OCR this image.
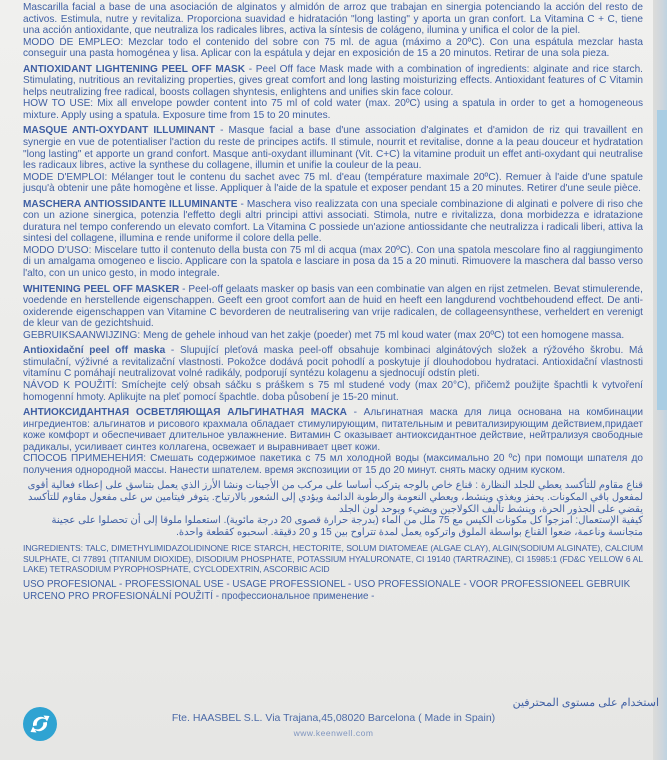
Mascarilla facial a base de una asociación de alginatos y almidón de arroz que trabajan en sinergia potenciando la acción del resto de activos. Estimula, nutre y revitaliza. Proporciona suavidad e hidratación "long lasting" y aporta un gran confort. La Vitamina C + C, tiene una acción antioxidante, que neutraliza los radicales libres, activa la síntesis de colágeno, ilumina y unifica el color de la piel.

MODO DE EMPLEO: Mezclar todo el contenido del sobre con 75 ml. de agua (máximo a 20ºC). Con una espátula mezclar hasta conseguir una pasta homogénea y lisa. Aplicar con la espátula y dejar en exposición de 15 a 20 minutos. Retirar de una sola pieza.

ANTIOXIDANT LIGHTENING PEEL OFF MASK - Peel Off face Mask made with a combination of ingredients: alginate and rice starch. Stimulating, nutritious an revitalizing properties, gives great comfort and long lasting moisturizing effects. Antioxidant features of C Vitamin helps neutralizing free radical, boosts collagen shyntesis, enlightens and unifies skin face colour.

HOW TO USE: Mix all envelope powder content into 75 ml of cold water (max. 20ºC) using a spatula in order to get a homogeneous mixture. Apply using a spatula. Exposure time from 15 to 20 minutes.

MASQUE ANTI-OXYDANT ILLUMINANT - Masque facial a base d'une association d'alginates et d'amidon de riz qui travaillent en synergie en vue de potentialiser l'action du reste de principes actifs. Il stimule, nourrit et revitalise, donne a la peau douceur et hydratation "long lasting" et apporte un grand confort. Masque anti-oxydant illuminant (Vit. C+C) la vitamine produit un effet anti-oxydant qui neutralise les radicaux libres, active la synthese du collagene, illumin et unifie la couleur de la peau.

MODE D'EMPLOI: Mélanger tout le contenu du sachet avec 75 ml. d'eau (température maximale 20ºC). Remuer à l'aide d'une spatule jusqu'à obtenir une pâte homogène et lisse. Appliquer à l'aide de la spatule et exposer pendant 15 a 20 minutes. Retirer d'une seule pièce.

MASCHERA ANTIOSSIDANTE ILLUMINANTE - Maschera viso realizzata con una speciale combinazione di alginati e polvere di riso che con un azione sinergica, potenzia l'effetto degli altri principi attivi associati. Stimola, nutre e rivitalizza, dona morbidezza e idratazione duratura nel tempo conferendo un elevato comfort. La Vitamina C possiede un'azione antiossidante che neutralizza i radicali liberi, attiva la sintesi del collagene, illumina e rende uniforme il colore della pelle.

MODO D'USO: Miscelare tutto il contenuto della busta con 75 ml di acqua (max 20ºC). Con una spatola mescolare fino al raggiungimento di un amalgama omogeneo e liscio. Applicare con la spatola e lasciare in posa da 15 a 20 minuti. Rimuovere la maschera dal basso verso l'alto, con un unico gesto, in modo integrale.

WHITENING PEEL OFF MASKER - Peel-off gelaats masker op basis van een combinatie van algen en rijst zetmelen. Bevat stimulerende, voedende en herstellende eigenschappen. Geeft een groot comfort aan de huid en heeft een langdurend vochtbehoudend effect. De anti-oxiderende eigenschappen van Vitamine C bevorderen de neutralisering van vrije radicalen, de collageensynthese, verheldert en verenigt de kleur van de gezichtshuid.

GEBRUIKSAANWIJZING: Meng de gehele inhoud van het zakje (poeder) met 75 ml koud water (max 20ºC) tot een homogene massa.

Antioxidační peel off maska - Slupující pleťová maska peel-off obsahuje kombinaci alginátových složek a rýžového škrobu. Má stimulační, výživné a revitalizační vlastnosti. Pokožce dodává pocit pohodlí a poskytuje jí dlouhodobou hydrataci. Antioxidační vlastnosti vitamínu C pomáhají neutralizovat volné radikály, podporují syntézu kolagenu a sjednocují odstín pleti.

NÁVOD K POUŽITÍ: Smíchejte celý obsah sáčku s práškem s 75 ml studené vody (max 20°C), přičemž použijte špachtli k vytvoření homogenní hmoty. Aplikujte na pleť pomocí špachtle. doba působení je 15-20 minut.

АНТИОКСИДАНТНАЯ ОСВЕТЛЯЮЩАЯ АЛЬГИНАТНАЯ МАСКА - Альгинатная маска для лица основана на комбинации ингредиентов: альгинатов и рисового крахмала обладает стимулирующим, питательным и ревитализирующим действием,придает коже комфорт и обеспечивает длительное увлажнение. Витамин С оказывает антиоксидантное действие, нейтрализуя свободные радикалы, усиливает синтез коллагена, освежает и выравнивает цвет кожи.

СПОСОБ ПРИМЕНЕНИЯ: Смешать содержимое пакетика с 75 мл холодной воды (максимально 20 ºс) при помощи шпателя до получения однородной массы. Нанести шпателем. время экспозиции от 15 до 20 минут. снять маску одним куском.

قناع مقاوم للتأكسد يعطي للجلد النظارة : قناع خاص بالوجه يتركب أساسا على مركب من الأجينات ونشا الأرز الذي يعمل بتناسق على إعطاء فعالية أقوى لمفعول باقي المكونات. يحفز ويغذي وينشط، ويعطي النعومة والرطوبة الدائمة ويؤدي إلى الشعور بالارتياح. يتوفر فيتامين س على مفعول مقاوم للتأكسد يقضي على الجذور الحرة، وينشط تأليف الكولاجين ويضيء ويوحد لون الجلد

كيفية الإستعمال: امزجوا كل مكونات الكيس مع 75 ملل من الماء (بدرجة حرارة قصوى 20 درجة مائوية). استعملوا ملوقا إلى أن تحصلوا على عجينة متجانسة وناعمة، ضعوا القناع بواسطة الملوق واتركوه يعمل لمدة تتراوح بين 15 و 20 دقيقة. اسحبوه كقطعة واحدة.

INGREDIENTS: TALC, DIMETHYLIMIDAZOLIDINONE RICE STARCH, HECTORITE, SOLUM DIATOMEAE (ALGAE CLAY), ALGIN(SODIUM ALGINATE), CALCIUM SULPHATE, CI 77891 (TITANIUM DIOXIDE), DISODIUM PHOSPHATE, POTASSIUM HYALURONATE, CI 19140 (TARTRAZINE), CI 15985:1 (FD&C YELLOW 6 AL LAKE) TETRASODIUM PYROPHOSPHATE, CYCLODEXTRIN, ASCORBIC ACID

USO PROFESIONAL - PROFESSIONAL USE - USAGE PROFESSIONEL - USO PROFESSIONALE - VOOR PROFESSIONEEL GEBRUIK

URCENO PRO PROFESIONÁLNÍ POUŽITÍ - профессиональное применение -

استخدام على مستوى المحترفين
Fte. HAASBEL S.L. Via Trajana,45,08020 Barcelona ( Made in Spain)
www.keenwell.com
